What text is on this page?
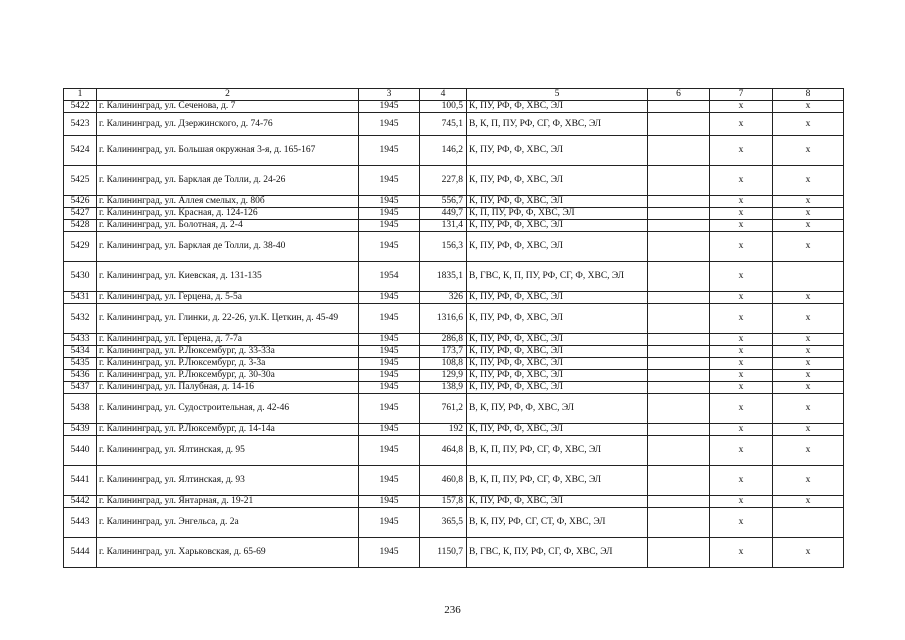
1	2	3	4	5	6	7	8
5422	г. Калининград, ул. Сеченова, д. 7	1945	100,5	К, ПУ, РФ, Ф, ХВС, ЭЛ		х	х
5423	г. Калининград, ул. Дзержинского, д. 74-76	1945	745,1	В, К, П, ПУ, РФ, СГ, Ф, ХВС, ЭЛ		х	х
5424	г. Калининград, ул. Большая окружная 3-я, д. 165-167	1945	146,2	К, ПУ, РФ, Ф, ХВС, ЭЛ		х	х
5425	г. Калининград, ул. Барклая де Толли, д. 24-26	1945	227,8	К, ПУ, РФ, Ф, ХВС, ЭЛ		х	х
5426	г. Калининград, ул. Аллея смелых, д. 80б	1945	556,7	К, ПУ, РФ, Ф, ХВС, ЭЛ		х	х
5427	г. Калининград, ул. Красная, д. 124-126	1945	449,7	К, П, ПУ, РФ, Ф, ХВС, ЭЛ		х	х
5428	г. Калининград, ул. Болотная, д. 2-4	1945	131,4	К, ПУ, РФ, Ф, ХВС, ЭЛ		х	х
5429	г. Калининград, ул. Барклая де Толли, д. 38-40	1945	156,3	К, ПУ, РФ, Ф, ХВС, ЭЛ		х	х
5430	г. Калининград, ул. Киевская, д. 131-135	1954	1835,1	В, ГВС, К, П, ПУ, РФ, СГ, Ф, ХВС, ЭЛ		х	
5431	г. Калининград, ул. Герцена, д. 5-5а	1945	326	К, ПУ, РФ, Ф, ХВС, ЭЛ		х	х
5432	г. Калининград, ул. Глинки, д. 22-26, ул.К. Цеткин, д. 45-49	1945	1316,6	К, ПУ, РФ, Ф, ХВС, ЭЛ		х	х
5433	г. Калининград, ул. Герцена, д. 7-7а	1945	286,8	К, ПУ, РФ, Ф, ХВС, ЭЛ		х	х
5434	г. Калининград, ул. Р.Люксембург, д. 33-33а	1945	173,7	К, ПУ, РФ, Ф, ХВС, ЭЛ		х	х
5435	г. Калининград, ул. Р.Люксембург, д. 3-3а	1945	108,8	К, ПУ, РФ, Ф, ХВС, ЭЛ		х	х
5436	г. Калининград, ул. Р.Люксембург, д. 30-30а	1945	129,9	К, ПУ, РФ, Ф, ХВС, ЭЛ		х	х
5437	г. Калининград, ул. Палубная, д. 14-16	1945	138,9	К, ПУ, РФ, Ф, ХВС, ЭЛ		х	х
5438	г. Калининград, ул. Судостроительная, д. 42-46	1945	761,2	В, К, ПУ, РФ, Ф, ХВС, ЭЛ		х	х
5439	г. Калининград, ул. Р.Люксембург, д. 14-14а	1945	192	К, ПУ, РФ, Ф, ХВС, ЭЛ		х	х
5440	г. Калининград, ул. Ялтинская, д. 95	1945	464,8	В, К, П, ПУ, РФ, СГ, Ф, ХВС, ЭЛ		х	х
5441	г. Калининград, ул. Ялтинская, д. 93	1945	460,8	В, К, П, ПУ, РФ, СГ, Ф, ХВС, ЭЛ		х	х
5442	г. Калининград, ул. Янтарная, д. 19-21	1945	157,8	К, ПУ, РФ, Ф, ХВС, ЭЛ		х	х
5443	г. Калининград, ул. Энгельса, д. 2а	1945	365,5	В, К, ПУ, РФ, СГ, СТ, Ф, ХВС, ЭЛ		х	
5444	г. Калининград, ул. Харьковская, д. 65-69	1945	1150,7	В, ГВС, К, ПУ, РФ, СГ, Ф, ХВС, ЭЛ		х	х
236
